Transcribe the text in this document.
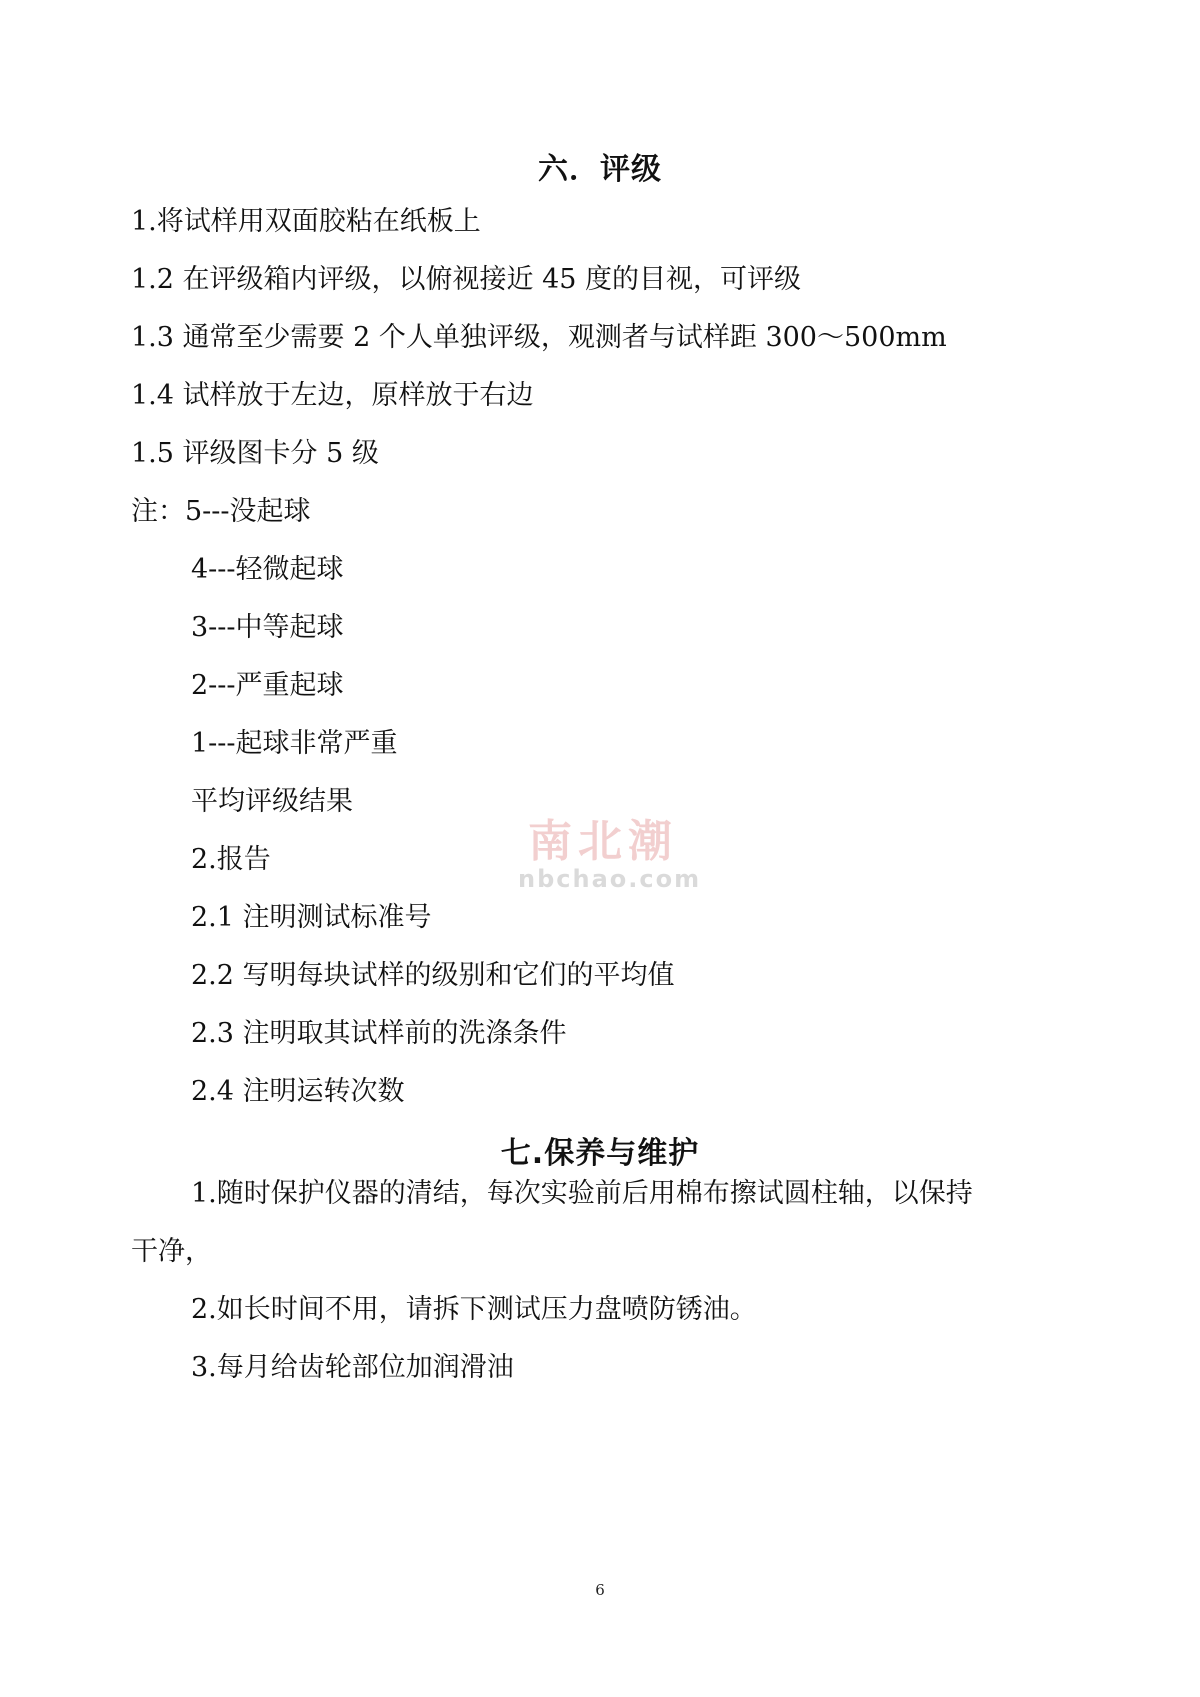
六．评级
1.将试样用双面胶粘在纸板上
1.2 在评级箱内评级，以俯视接近 45 度的目视，可评级
1.3 通常至少需要 2 个人单独评级，观测者与试样距 300～500mm
1.4 试样放于左边，原样放于右边
1.5 评级图卡分 5 级
注：5---没起球
4---轻微起球
3---中等起球
2---严重起球
1---起球非常严重
平均评级结果
2.报告
2.1 注明测试标准号
2.2 写明每块试样的级别和它们的平均值
2.3 注明取其试样前的洗涤条件
2.4 注明运转次数
七.保养与维护
1.随时保护仪器的清结，每次实验前后用棉布擦试圆柱轴，以保持
干净，
2.如长时间不用，请拆下测试压力盘喷防锈油。
3.每月给齿轮部位加润滑油
6
南北潮
nbchao.com
